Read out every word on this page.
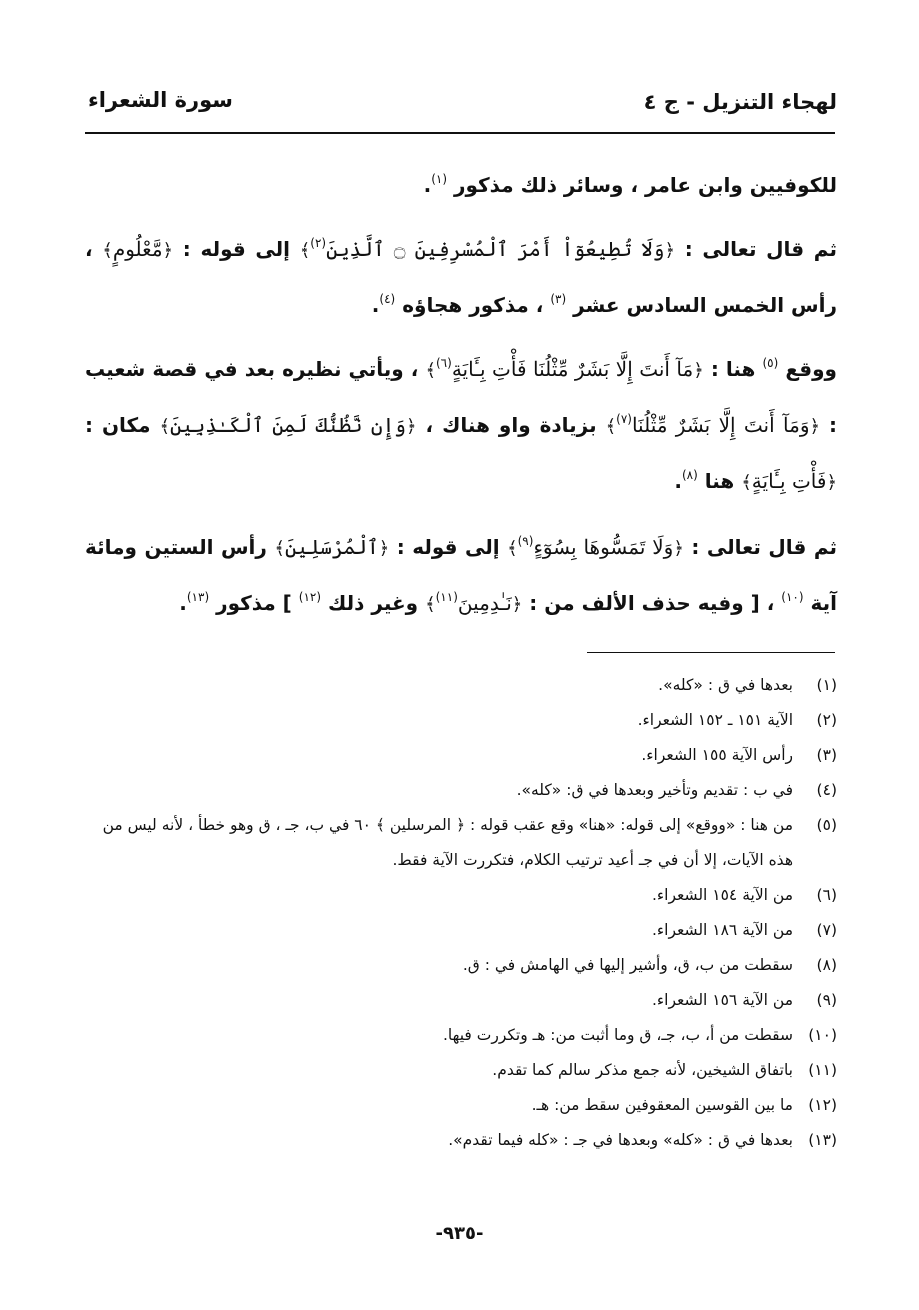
لهجاء التنزيل - ج ٤
سورة الشعراء

للكوفيين وابن عامر ، وسائر ذلك مذكور $^{(١)}$.

ثم قال تعالى : ﴿وَلَا تُطِيعُوٓاْ أَمْرَ ٱلْمُسْرِفِينَ ۝ ٱلَّذِينَ$^{(٢)}$﴾ إلى قوله : ﴿مَّعْلُومٍ﴾ ، رأس الخمس السادس عشر $^{(٣)}$ ، مذكور هجاؤه $^{(٤)}$.

ووقع $^{(٥)}$ هنا : ﴿مَآ أَنتَ إِلَّا بَشَرٌ مِّثْلُنَا فَأْتِ بِـَٔايَةٍ$^{(٦)}$﴾ ، ويأتي نظيره بعد في قصة شعيب : ﴿وَمَآ أَنتَ إِلَّا بَشَرٌ مِّثْلُنَا$^{(٧)}$﴾ بزيادة واو هناك ، ﴿وَإِن نَّظُنُّكَ لَمِنَ ٱلْكَـٰذِبِينَ﴾ مكان : ﴿فَأْتِ بِـَٔايَةٍ﴾ هنا $^{(٨)}$.

ثم قال تعالى : ﴿وَلَا تَمَسُّوهَا بِسُوٓءٍ$^{(٩)}$﴾ إلى قوله : ﴿ٱلْمُرْسَلِينَ﴾ رأس الستين ومائة آية $^{(١٠)}$ ، [ وفيه حذف الألف من : ﴿نَـٰدِمِينَ$^{(١١)}$﴾ وغير ذلك $^{(١٢)}$ ] مذكور $^{(١٣)}$.

(١)
بعدها في ق : «كله».
(٢)
الآية ١٥١ ـ ١٥٢ الشعراء.
(٣)
رأس الآية ١٥٥ الشعراء.
(٤)
في ب : تقديم وتأخير وبعدها في ق: «كله».
(٥)
من هنا : «ووقع» إلى قوله: «هنا» وقع عقب قوله : ﴿ المرسلين ﴾ ٦٠ في ب، جـ ، ق وهو خطأ ، لأنه ليس من هذه الآيات، إلا أن في جـ أعيد ترتيب الكلام، فتكررت الآية فقط.
(٦)
من الآية ١٥٤ الشعراء.
(٧)
من الآية ١٨٦ الشعراء.
(٨)
سقطت من ب، ق، وأشير إليها في الهامش في : ق.
(٩)
من الآية ١٥٦ الشعراء.
(١٠)
سقطت من أ، ب، جـ، ق وما أثبت من: هـ وتكررت فيها.
(١١)
باتفاق الشيخين، لأنه جمع مذكر سالم كما تقدم.
(١٢)
ما بين القوسين المعقوفين سقط من: هـ.
(١٣)
بعدها في ق : «كله» وبعدها في جـ : «كله فيما تقدم».
-٩٣٥-
